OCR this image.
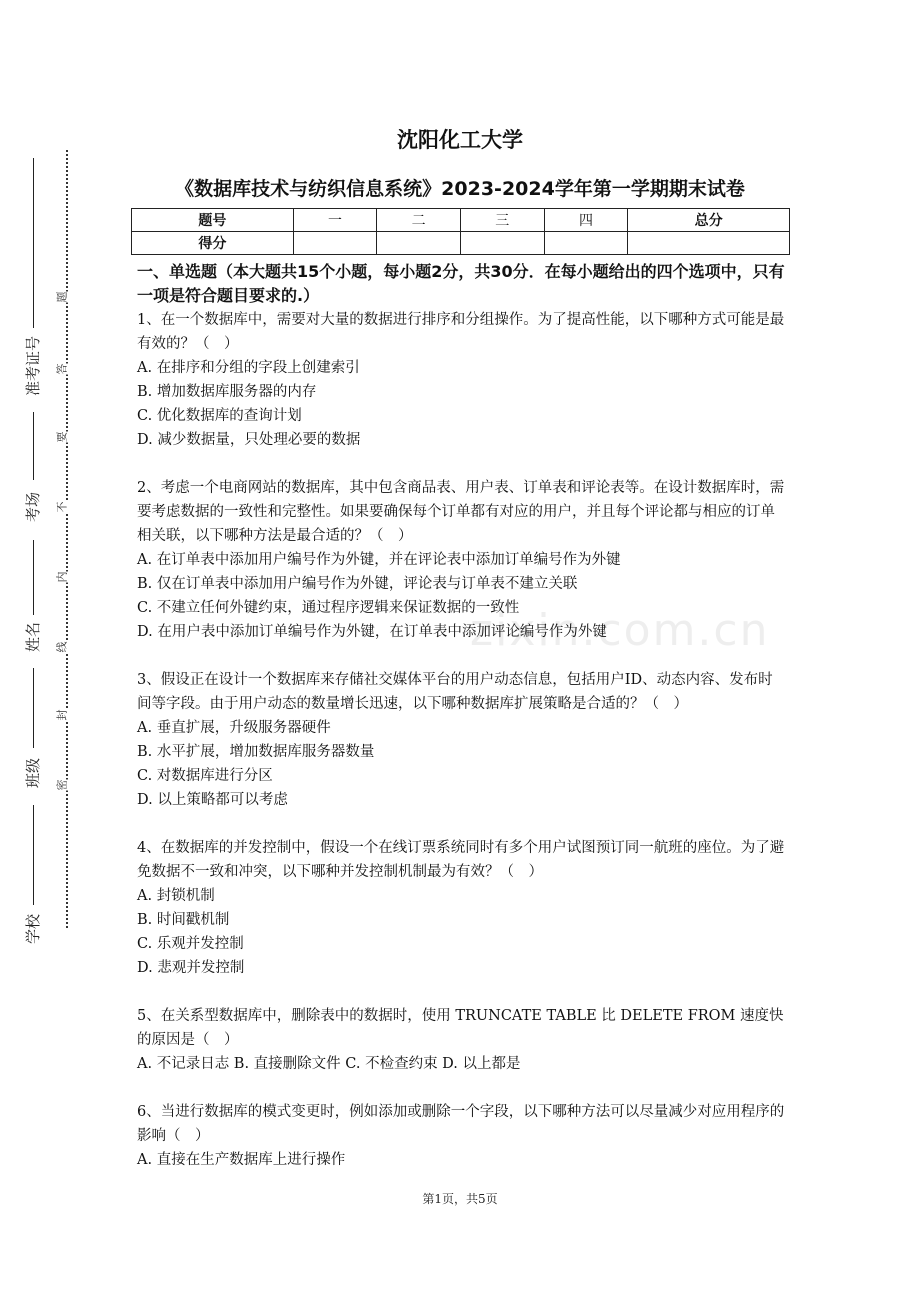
准考证号
考场
姓名
班级
学校
题
答
要
不
内
线
封
密
zixin.com.cn
沈阳化工大学
《数据库技术与纺织信息系统》2023-2024学年第一学期期末试卷
题号	一	二	三	四	总分
得分					
一、单选题（本大题共15个小题，每小题2分，共30分．在每小题给出的四个选项中，只有一项是符合题目要求的.）
1、在一个数据库中，需要对大量的数据进行排序和分组操作。为了提高性能，以下哪种方式可能是最有效的？（　）
A. 在排序和分组的字段上创建索引
B. 增加数据库服务器的内存
C. 优化数据库的查询计划
D. 减少数据量，只处理必要的数据
2、考虑一个电商网站的数据库，其中包含商品表、用户表、订单表和评论表等。在设计数据库时，需要考虑数据的一致性和完整性。如果要确保每个订单都有对应的用户，并且每个评论都与相应的订单相关联，以下哪种方法是最合适的？（　）
A. 在订单表中添加用户编号作为外键，并在评论表中添加订单编号作为外键
B. 仅在订单表中添加用户编号作为外键，评论表与订单表不建立关联
C. 不建立任何外键约束，通过程序逻辑来保证数据的一致性
D. 在用户表中添加订单编号作为外键，在订单表中添加评论编号作为外键
3、假设正在设计一个数据库来存储社交媒体平台的用户动态信息，包括用户ID、动态内容、发布时间等字段。由于用户动态的数量增长迅速，以下哪种数据库扩展策略是合适的？（　）
A. 垂直扩展，升级服务器硬件
B. 水平扩展，增加数据库服务器数量
C. 对数据库进行分区
D. 以上策略都可以考虑
4、在数据库的并发控制中，假设一个在线订票系统同时有多个用户试图预订同一航班的座位。为了避免数据不一致和冲突，以下哪种并发控制机制最为有效？（　）
A. 封锁机制
B. 时间戳机制
C. 乐观并发控制
D. 悲观并发控制
5、在关系型数据库中，删除表中的数据时，使用 TRUNCATE TABLE 比 DELETE FROM 速度快的原因是（　）
A. 不记录日志 B. 直接删除文件 C. 不检查约束 D. 以上都是
6、当进行数据库的模式变更时，例如添加或删除一个字段，以下哪种方法可以尽量减少对应用程序的影响（　）
A. 直接在生产数据库上进行操作
第1页，共5页
